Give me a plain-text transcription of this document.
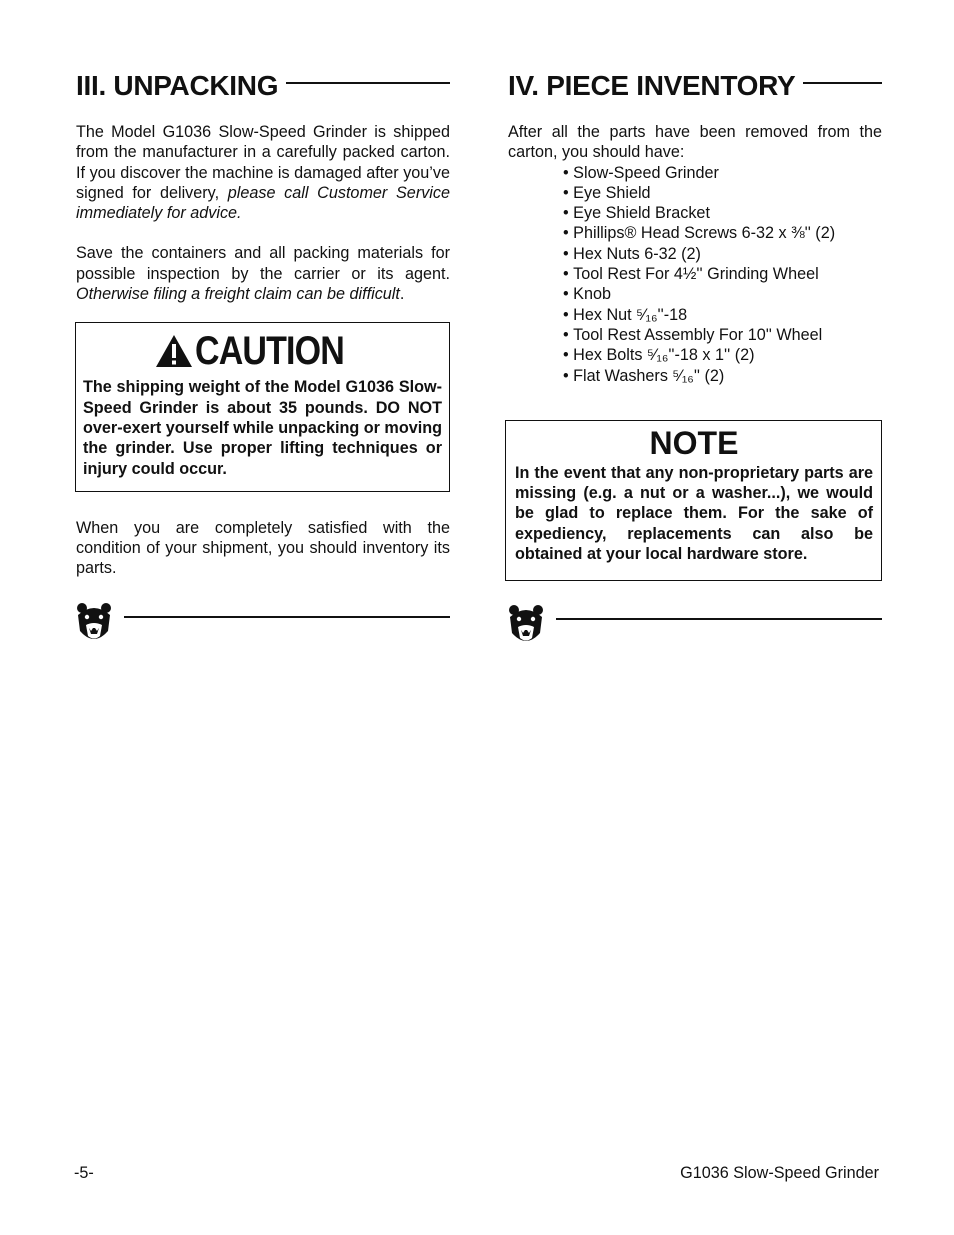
III. UNPACKING

The Model G1036 Slow-Speed Grinder is shipped from the manufacturer in a carefully packed carton. If you discover the machine is damaged after you’ve signed for delivery, please call Customer Service immediately for advice.

Save the containers and all packing materials for possible inspection by the carrier or its agent. Otherwise filing a freight claim can be difficult.

CAUTION

The shipping weight of the Model G1036 Slow-Speed Grinder is about 35 pounds. DO NOT over-exert yourself while unpacking or moving the grinder. Use proper lifting techniques or injury could occur.

When you are completely satisfied with the condition of your shipment, you should inventory its parts.

IV. PIECE INVENTORY

After all the parts have been removed from the carton, you should have:

• Slow-Speed Grinder
• Eye Shield
• Eye Shield Bracket
• Phillips® Head Screws 6-32 x ⅜'' (2)
• Hex Nuts 6-32 (2)
• Tool Rest For 4½'' Grinding Wheel
• Knob
• Hex Nut ⁵⁄₁₆''-18
• Tool Rest Assembly For 10'' Wheel
• Hex Bolts ⁵⁄₁₆''-18 x 1'' (2)
• Flat Washers ⁵⁄₁₆'' (2)

NOTE

In the event that any non-proprietary parts are missing (e.g. a nut or a washer...), we would be glad to replace them. For the sake of expediency, replacements can also be obtained at your local hardware store.

-5-	G1036 Slow-Speed Grinder
